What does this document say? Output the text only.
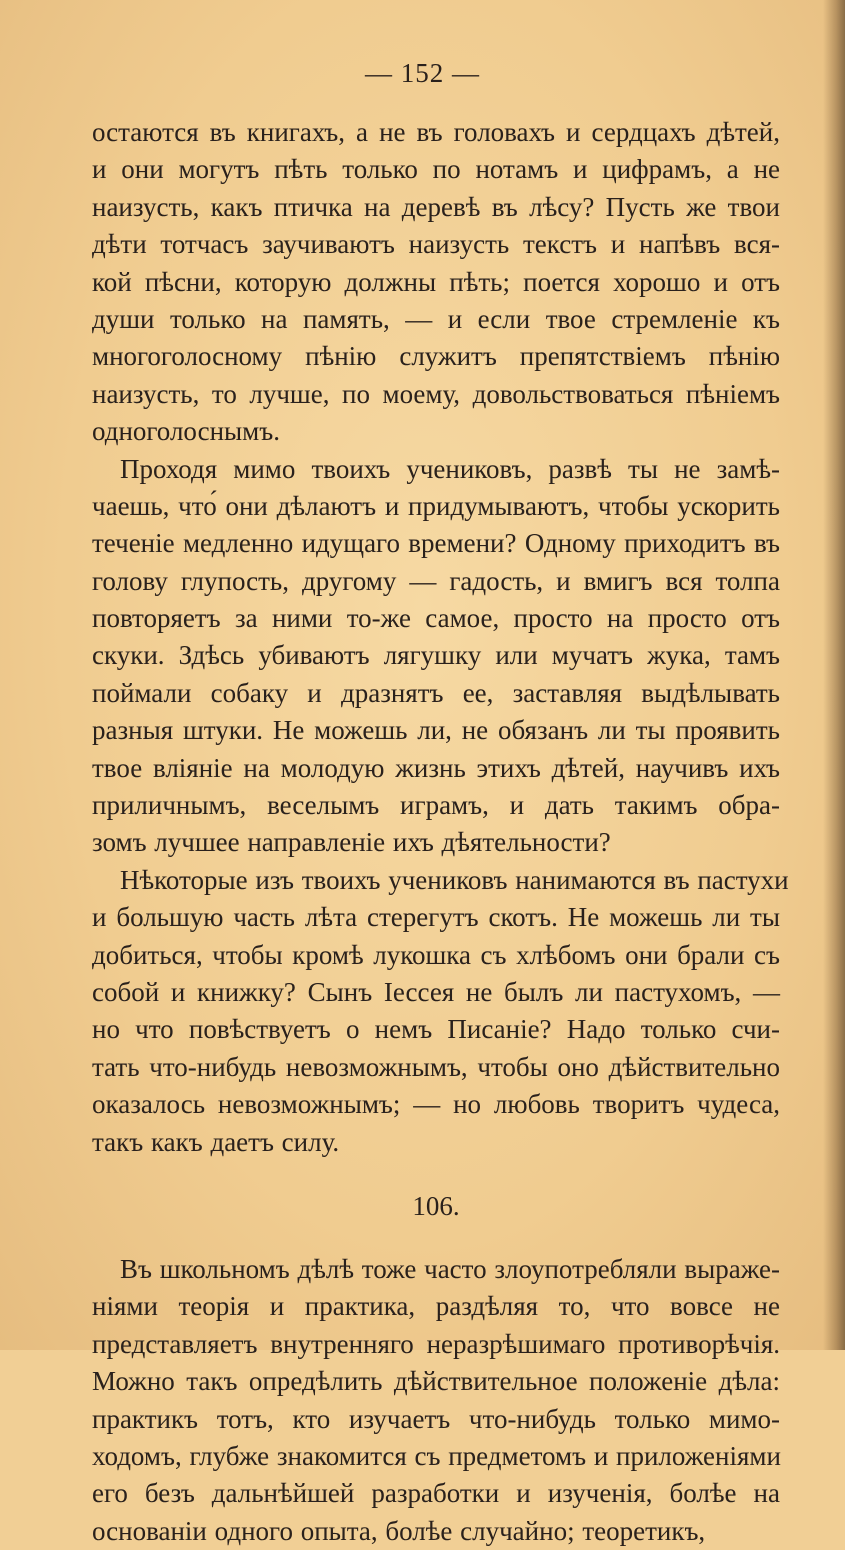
— 152 —
остаются въ книгахъ, а не въ головахъ и сердцахъ дѣтей,
и они могутъ пѣть только по нотамъ и цифрамъ, а не
наизусть, какъ птичка на деревѣ въ лѣсу? Пусть же твои
дѣти тотчасъ заучиваютъ наизусть текстъ и напѣвъ вся-
кой пѣсни, которую должны пѣть; поется хорошо и отъ
души только на память, — и если твое стремленіе къ
многоголосному пѣнію служитъ препятствіемъ пѣнію
наизусть, то лучше, по моему, довольствоваться пѣніемъ
одноголоснымъ.
Проходя мимо твоихъ учениковъ, развѣ ты не замѣ-
чаешь, что́ они дѣлаютъ и придумываютъ, чтобы ускорить
теченіе медленно идущаго времени? Одному приходитъ въ
голову глупость, другому — гадость, и вмигъ вся толпа
повторяетъ за ними то-же самое, просто на просто отъ
скуки. Здѣсь убиваютъ лягушку или мучатъ жука, тамъ
поймали собаку и дразнятъ ее, заставляя выдѣлывать
разныя штуки. Не можешь ли, не обязанъ ли ты проявить
твое вліяніе на молодую жизнь этихъ дѣтей, научивъ ихъ
приличнымъ, веселымъ играмъ, и дать такимъ обра-
зомъ лучшее направленіе ихъ дѣятельности?
Нѣкоторые изъ твоихъ учениковъ нанимаются въ пастухи
и большую часть лѣта стерегутъ скотъ. Не можешь ли ты
добиться, чтобы кромѣ лукошка съ хлѣбомъ они брали съ
собой и книжку? Сынъ Іессея не былъ ли пастухомъ, —
но что повѣствуетъ о немъ Писаніе? Надо только счи-
тать что-нибудь невозможнымъ, чтобы оно дѣйствительно
оказалось невозможнымъ; — но любовь творитъ чудеса,
такъ какъ даетъ силу.
106.
Въ школьномъ дѣлѣ тоже часто злоупотребляли выраже-
ніями теорія и практика, раздѣляя то, что вовсе не
представляетъ внутренняго неразрѣшимаго противорѣчія.
Можно такъ опредѣлить дѣйствительное положеніе дѣла:
практикъ тотъ, кто изучаетъ что-нибудь только мимо-
ходомъ, глубже знакомится съ предметомъ и приложеніями
его безъ дальнѣйшей разработки и изученія, болѣе на
основаніи одного опыта, болѣе случайно; теоретикъ,
